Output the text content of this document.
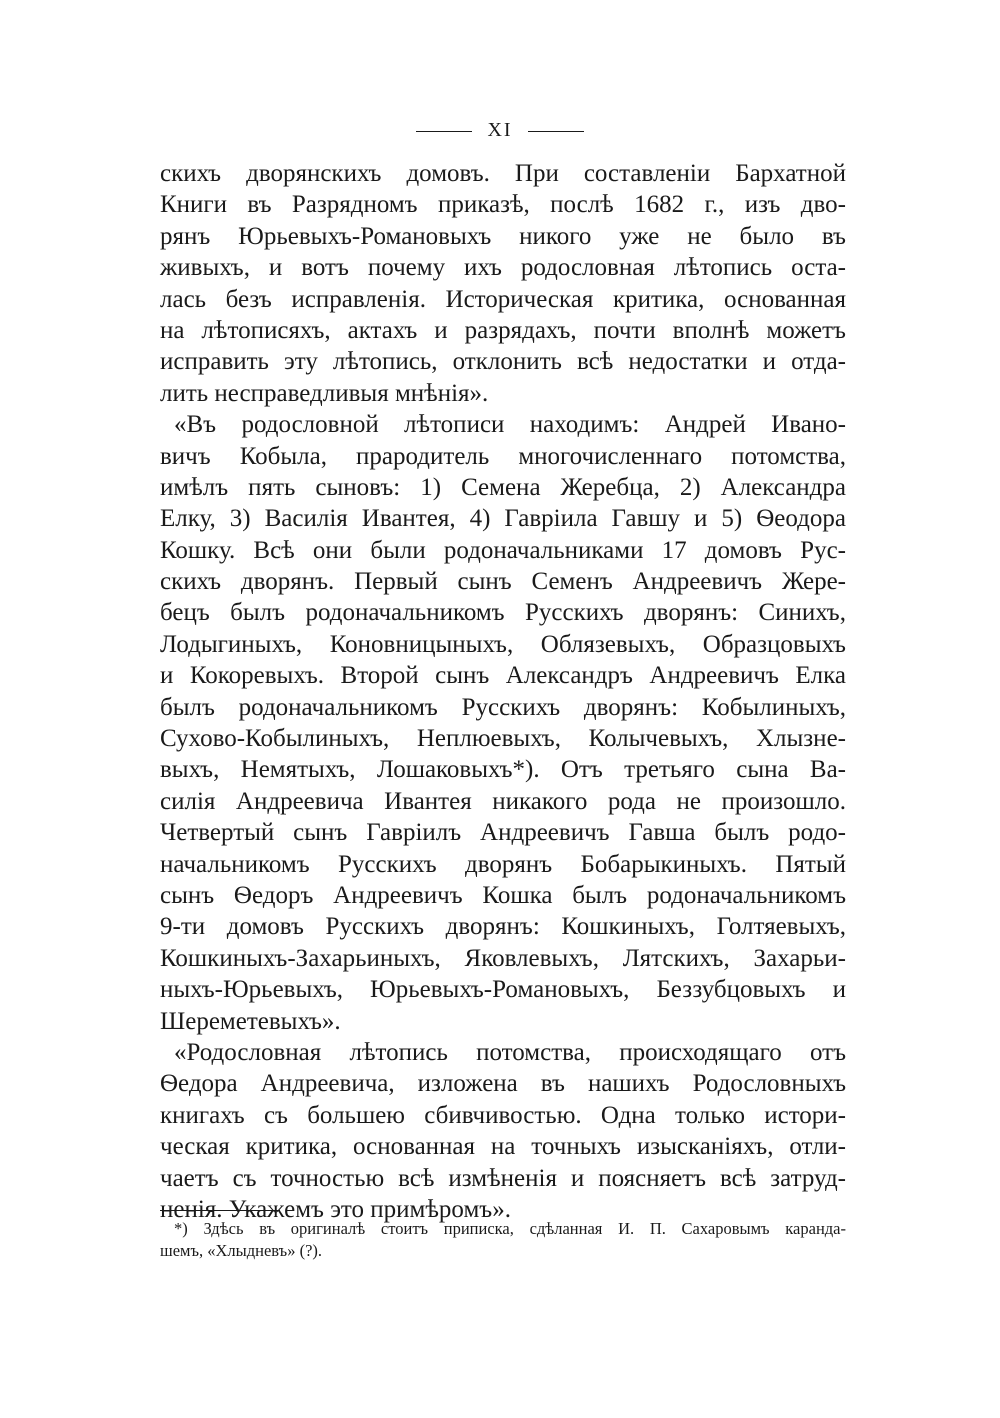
XI
скихъ дворянскихъ домовъ. При составленіи Бархатной
Книги въ Разрядномъ приказѣ, послѣ 1682 г., изъ дво-
рянъ Юрьевыхъ-Романовыхъ никого уже не было въ
живыхъ, и вотъ почему ихъ родословная лѣтопись оста-
лась безъ исправленія. Историческая критика, основанная
на лѣтописяхъ, актахъ и разрядахъ, почти вполнѣ можетъ
исправить эту лѣтопись, отклонить всѣ недостатки и отда-
лить несправедливыя мнѣнія».
«Въ родословной лѣтописи находимъ: Андрей Ивано-
вичъ Кобыла, прародитель многочисленнаго потомства,
имѣлъ пять сыновъ: 1) Семена Жеребца, 2) Александра
Елку, 3) Василія Ивантея, 4) Гавріила Гавшу и 5) Ѳеодора
Кошку. Всѣ они были родоначальниками 17 домовъ Рус-
скихъ дворянъ. Первый сынъ Семенъ Андреевичъ Жере-
бецъ былъ родоначальникомъ Русскихъ дворянъ: Синихъ,
Лодыгиныхъ, Коновницыныхъ, Облязевыхъ, Образцовыхъ
и Кокоревыхъ. Второй сынъ Александръ Андреевичъ Елка
былъ родоначальникомъ Русскихъ дворянъ: Кобылиныхъ,
Сухово-Кобылиныхъ, Неплюевыхъ, Колычевыхъ, Хлызне-
выхъ, Немятыхъ, Лошаковыхъ*). Отъ третьяго сына Ва-
силія Андреевича Ивантея никакого рода не произошло.
Четвертый сынъ Гавріилъ Андреевичъ Гавша былъ родо-
начальникомъ Русскихъ дворянъ Бобарыкиныхъ. Пятый
сынъ Ѳедоръ Андреевичъ Кошка былъ родоначальникомъ
9-ти домовъ Русскихъ дворянъ: Кошкиныхъ, Голтяевыхъ,
Кошкиныхъ-Захарьиныхъ, Яковлевыхъ, Лятскихъ, Захарьи-
ныхъ-Юрьевыхъ, Юрьевыхъ-Романовыхъ, Беззубцовыхъ и
Шереметевыхъ».
«Родословная лѣтопись потомства, происходящаго отъ
Ѳедора Андреевича, изложена въ нашихъ Родословныхъ
книгахъ съ большею сбивчивостью. Одна только истори-
ческая критика, основанная на точныхъ изысканіяхъ, отли-
чаетъ съ точностью всѣ измѣненія и поясняетъ всѣ затруд-
ненія. Укажемъ это примѣромъ».
*) Здѣсь въ оригиналѣ стоитъ приписка, сдѣланная И. П. Сахаровымъ каранда-
шемъ, «Хлыдневъ» (?).
